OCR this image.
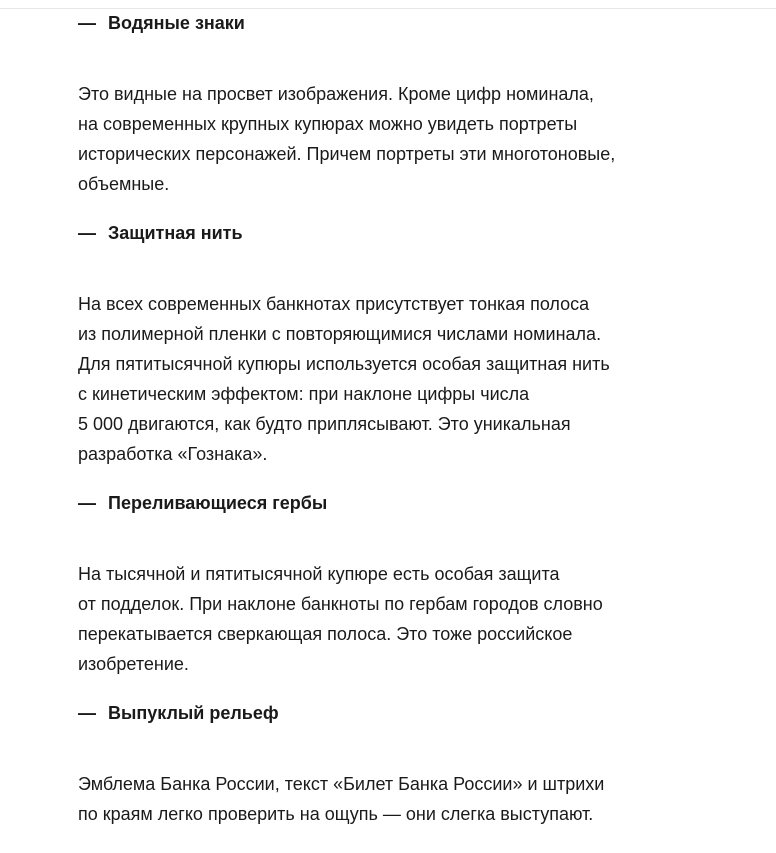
— Водяные знаки

Это видные на просвет изображения. Кроме цифр номинала,
на современных крупных купюрах можно увидеть портреты
исторических персонажей. Причем портреты эти многотоновые,
объемные.

— Защитная нить

На всех современных банкнотах присутствует тонкая полоса
из полимерной пленки с повторяющимися числами номинала.
Для пятитысячной купюры используется особая защитная нить
с кинетическим эффектом: при наклоне цифры числа
5 000 двигаются, как будто приплясывают. Это уникальная
разработка «Гознака».

— Переливающиеся гербы

На тысячной и пятитысячной купюре есть особая защита
от подделок. При наклоне банкноты по гербам городов словно
перекатывается сверкающая полоса. Это тоже российское
изобретение.

— Выпуклый рельеф

Эмблема Банка России, текст «Билет Банка России» и штрихи
по краям легко проверить на ощупь — они слегка выступают.
